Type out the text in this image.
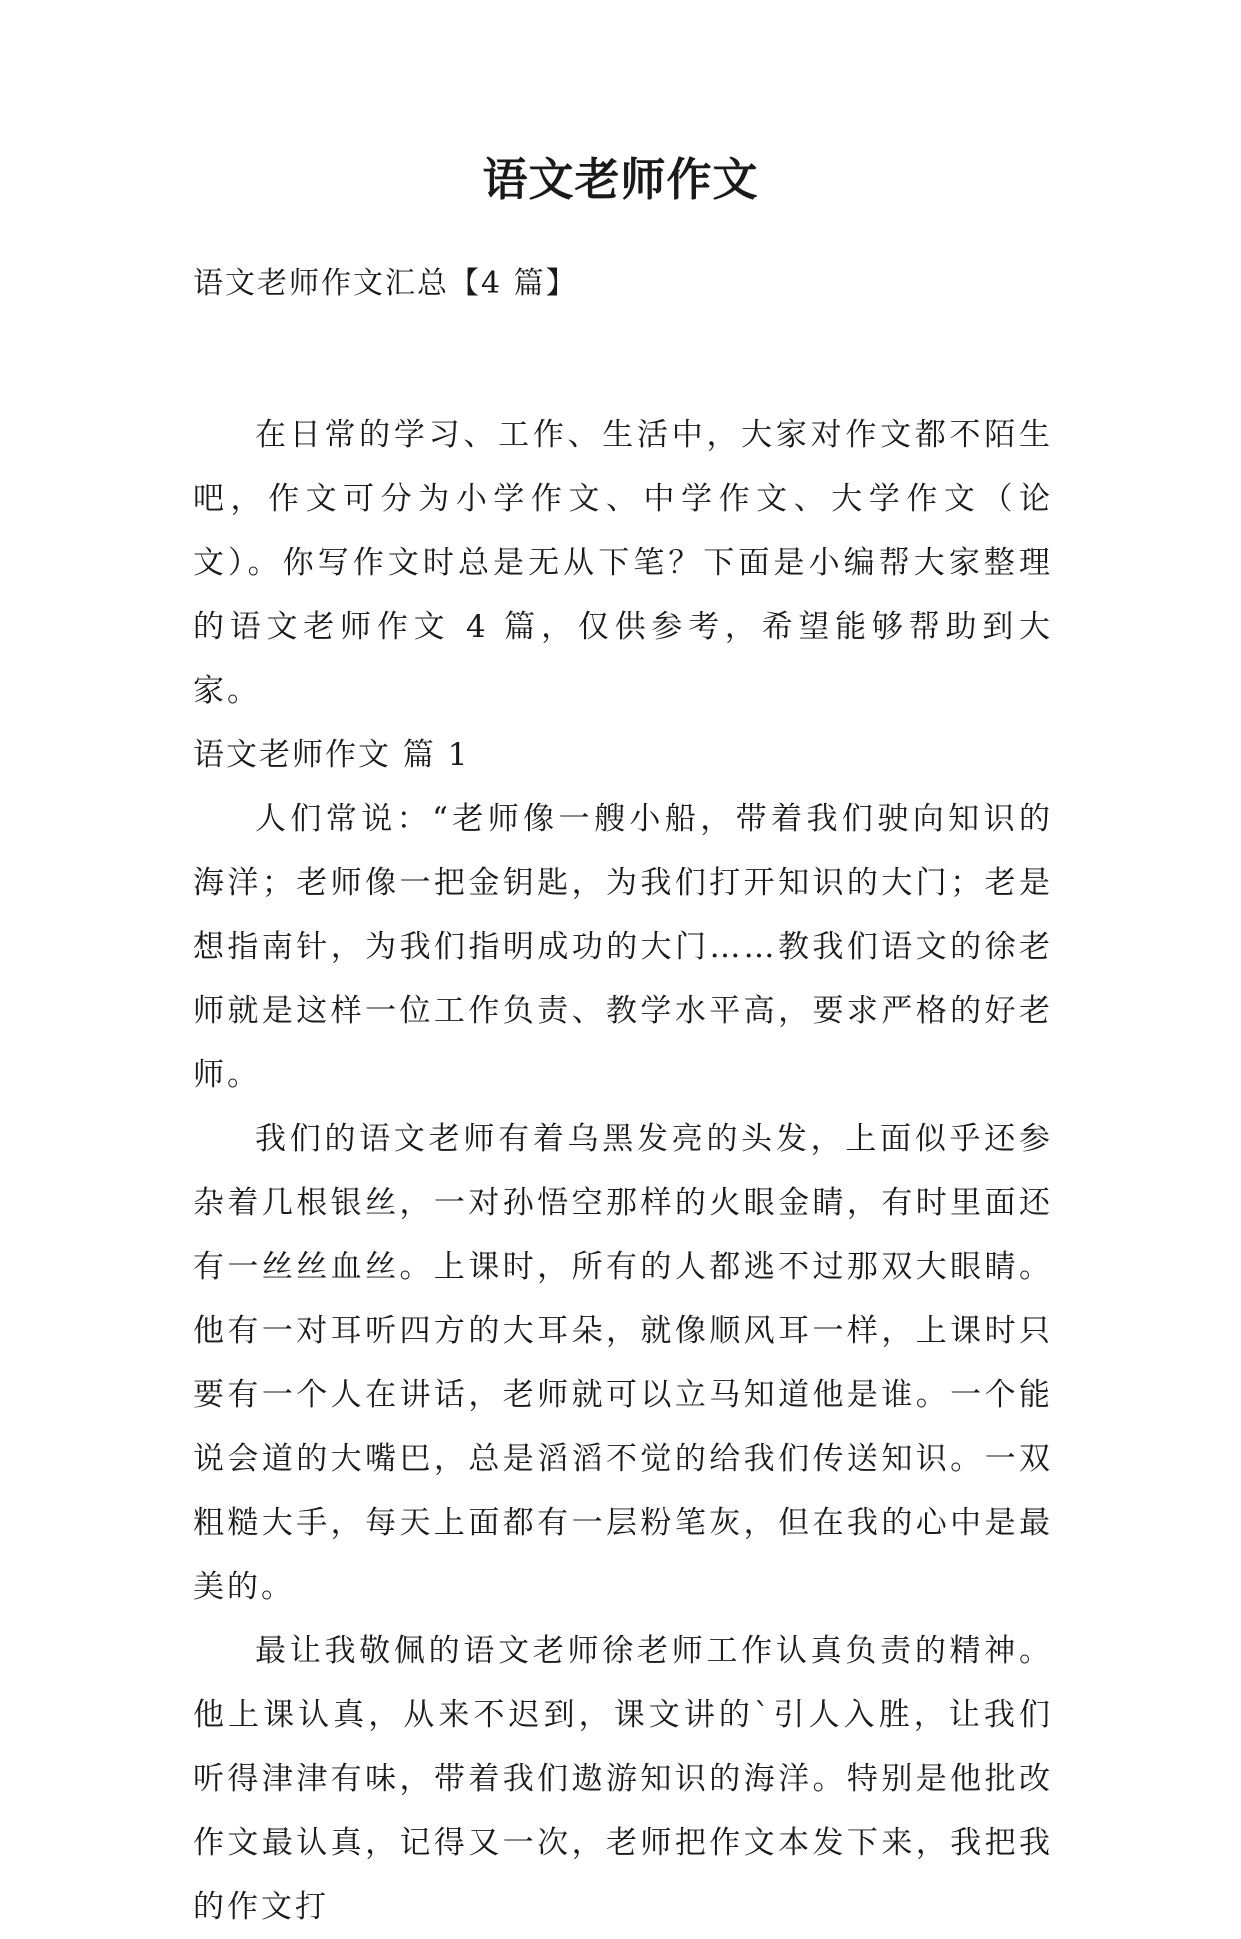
语文老师作文
语文老师作文汇总【4 篇】

在日常的学习、工作、生活中，大家对作文都不陌生吧，作文可分为小学作文、中学作文、大学作文（论文）。你写作文时总是无从下笔？下面是小编帮大家整理的语文老师作文 4 篇，仅供参考，希望能够帮助到大家。

语文老师作文 篇 1

人们常说：“老师像一艘小船，带着我们驶向知识的海洋；老师像一把金钥匙，为我们打开知识的大门；老是想指南针，为我们指明成功的大门……教我们语文的徐老师就是这样一位工作负责、教学水平高，要求严格的好老师。

我们的语文老师有着乌黑发亮的头发，上面似乎还参杂着几根银丝，一对孙悟空那样的火眼金睛，有时里面还有一丝丝血丝。上课时，所有的人都逃不过那双大眼睛。他有一对耳听四方的大耳朵，就像顺风耳一样，上课时只要有一个人在讲话，老师就可以立马知道他是谁。一个能说会道的大嘴巴，总是滔滔不觉的给我们传送知识。一双粗糙大手，每天上面都有一层粉笔灰，但在我的心中是最美的。

最让我敬佩的语文老师徐老师工作认真负责的精神。他上课认真，从来不迟到，课文讲的`引人入胜，让我们听得津津有味，带着我们遨游知识的海洋。特别是他批改作文最认真，记得又一次，老师把作文本发下来，我把我的作文打
